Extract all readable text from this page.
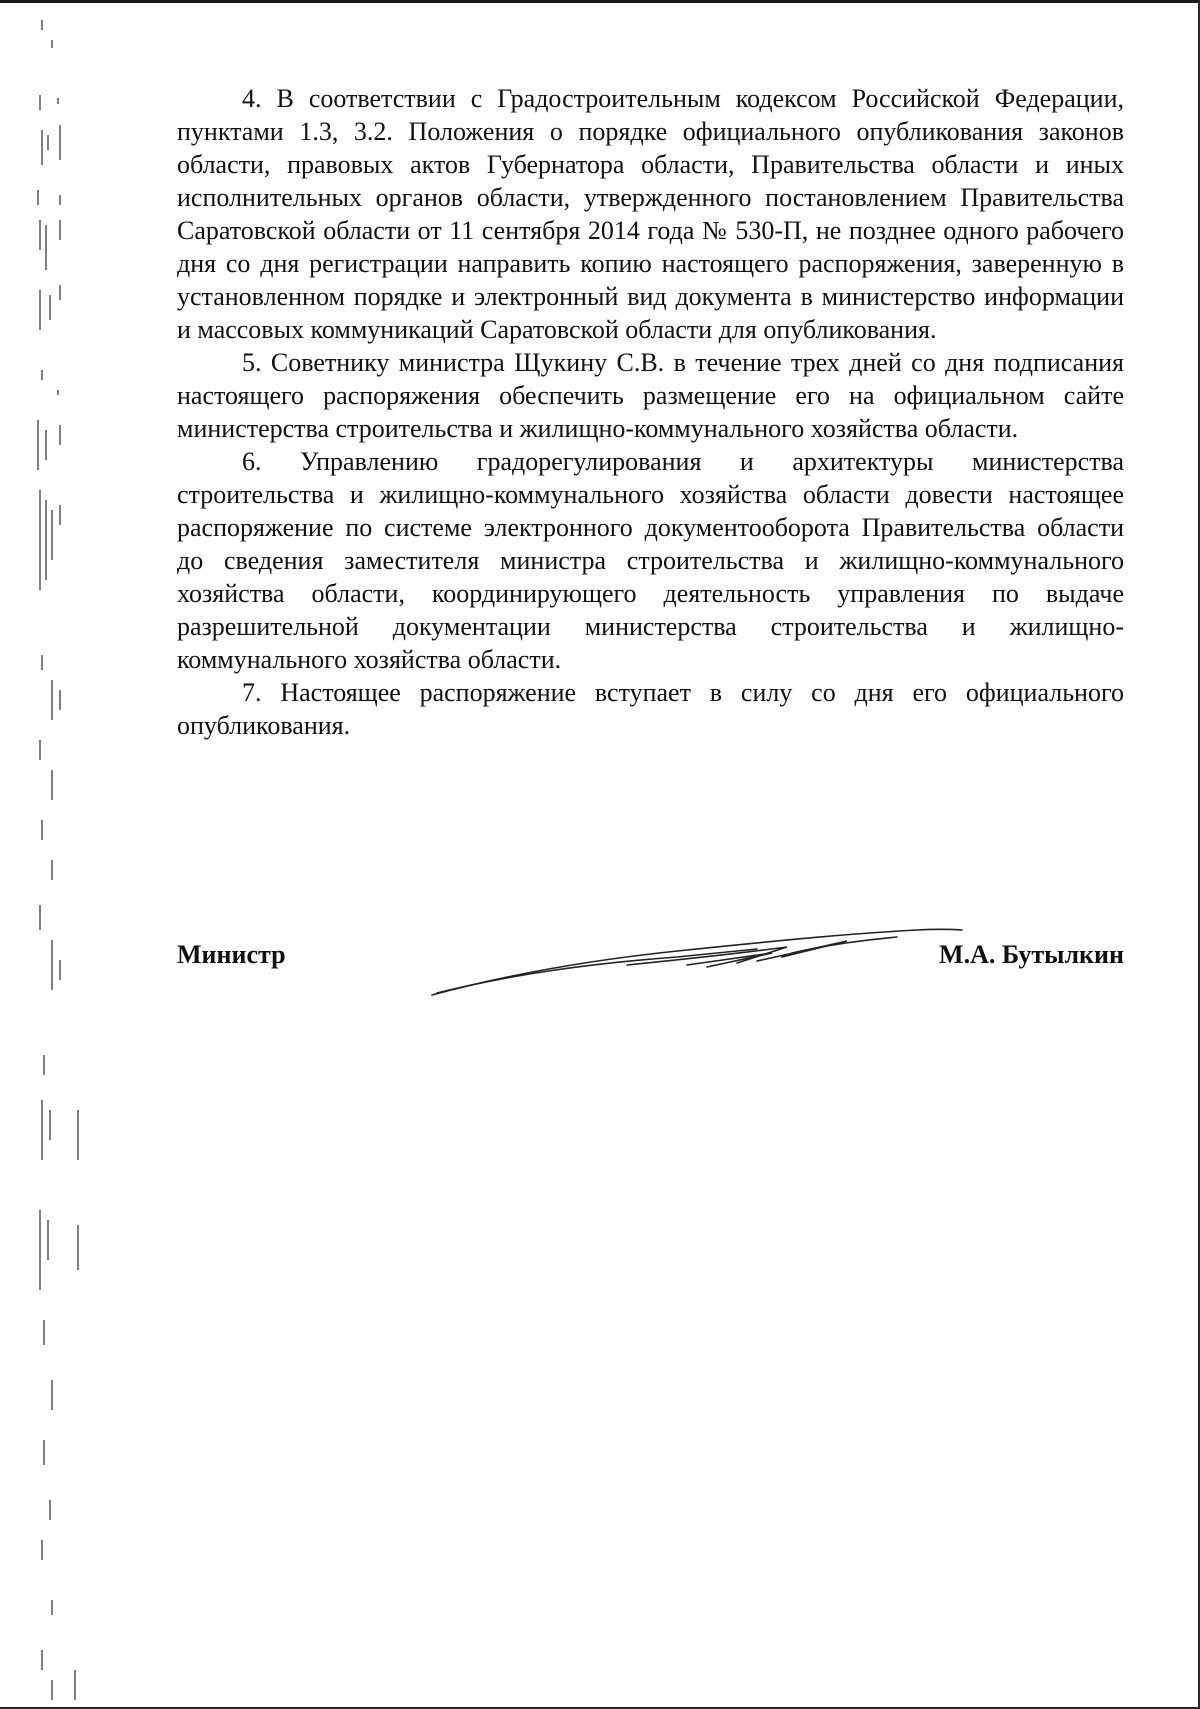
4. В соответствии с Градостроительным кодексом Российской Федерации, пунктами 1.3, 3.2. Положения о порядке официального опубликования законов области, правовых актов Губернатора области, Правительства области и иных исполнительных органов области, утвержденного постановлением Правительства Саратовской области от 11 сентября 2014 года № 530-П, не позднее одного рабочего дня со дня регистрации направить копию настоящего распоряжения, заверенную в установленном порядке и электронный вид документа в министерство информации и массовых коммуникаций Саратовской области для опубликования.

5. Советнику министра Щукину С.В. в течение трех дней со дня подписания настоящего распоряжения обеспечить размещение его на официальном сайте министерства строительства и жилищно-коммунального хозяйства области.

6. Управлению градорегулирования и архитектуры министерства строительства и жилищно-коммунального хозяйства области довести настоящее распоряжение по системе электронного документооборота Правительства области до сведения заместителя министра строительства и жилищно-коммунального хозяйства области, координирующего деятельность управления по выдаче разрешительной документации министерства строительства и жилищно-коммунального хозяйства области.

7. Настоящее распоряжение вступает в силу со дня его официального опубликования.

Министр	М.А. Бутылкин
